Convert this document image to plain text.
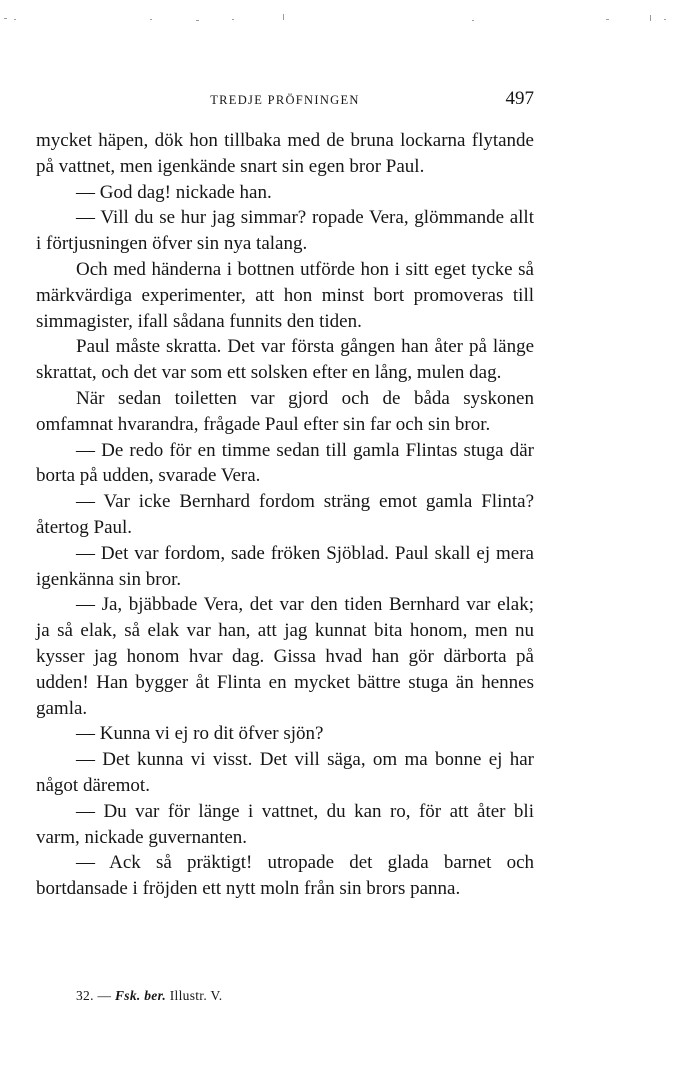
TREDJE PRÖFNINGEN	497

mycket häpen, dök hon tillbaka med de bruna lockarna flytande på vattnet, men igenkände snart sin egen bror Paul.

— God dag! nickade han.

— Vill du se hur jag simmar? ropade Vera, glömmande allt i förtjusningen öfver sin nya talang.

Och med händerna i bottnen utförde hon i sitt eget tycke så märkvärdiga experimenter, att hon minst bort promoveras till simmagister, ifall sådana funnits den tiden.

Paul måste skratta. Det var första gången han åter på länge skrattat, och det var som ett solsken efter en lång, mulen dag.

När sedan toiletten var gjord och de båda syskonen omfamnat hvarandra, frågade Paul efter sin far och sin bror.

— De redo för en timme sedan till gamla Flintas stuga där borta på udden, svarade Vera.

— Var icke Bernhard fordom sträng emot gamla Flinta? återtog Paul.

— Det var fordom, sade fröken Sjöblad. Paul skall ej mera igenkänna sin bror.

— Ja, bjäbbade Vera, det var den tiden Bernhard var elak; ja så elak, så elak var han, att jag kunnat bita honom, men nu kysser jag honom hvar dag. Gissa hvad han gör därborta på udden! Han bygger åt Flinta en mycket bättre stuga än hennes gamla.

— Kunna vi ej ro dit öfver sjön?

— Det kunna vi visst. Det vill säga, om ma bonne ej har något däremot.

— Du var för länge i vattnet, du kan ro, för att åter bli varm, nickade guvernanten.

— Ack så präktigt! utropade det glada barnet och bortdansade i fröjden ett nytt moln från sin brors panna.

32. — Fsk. ber. Illustr. V.
